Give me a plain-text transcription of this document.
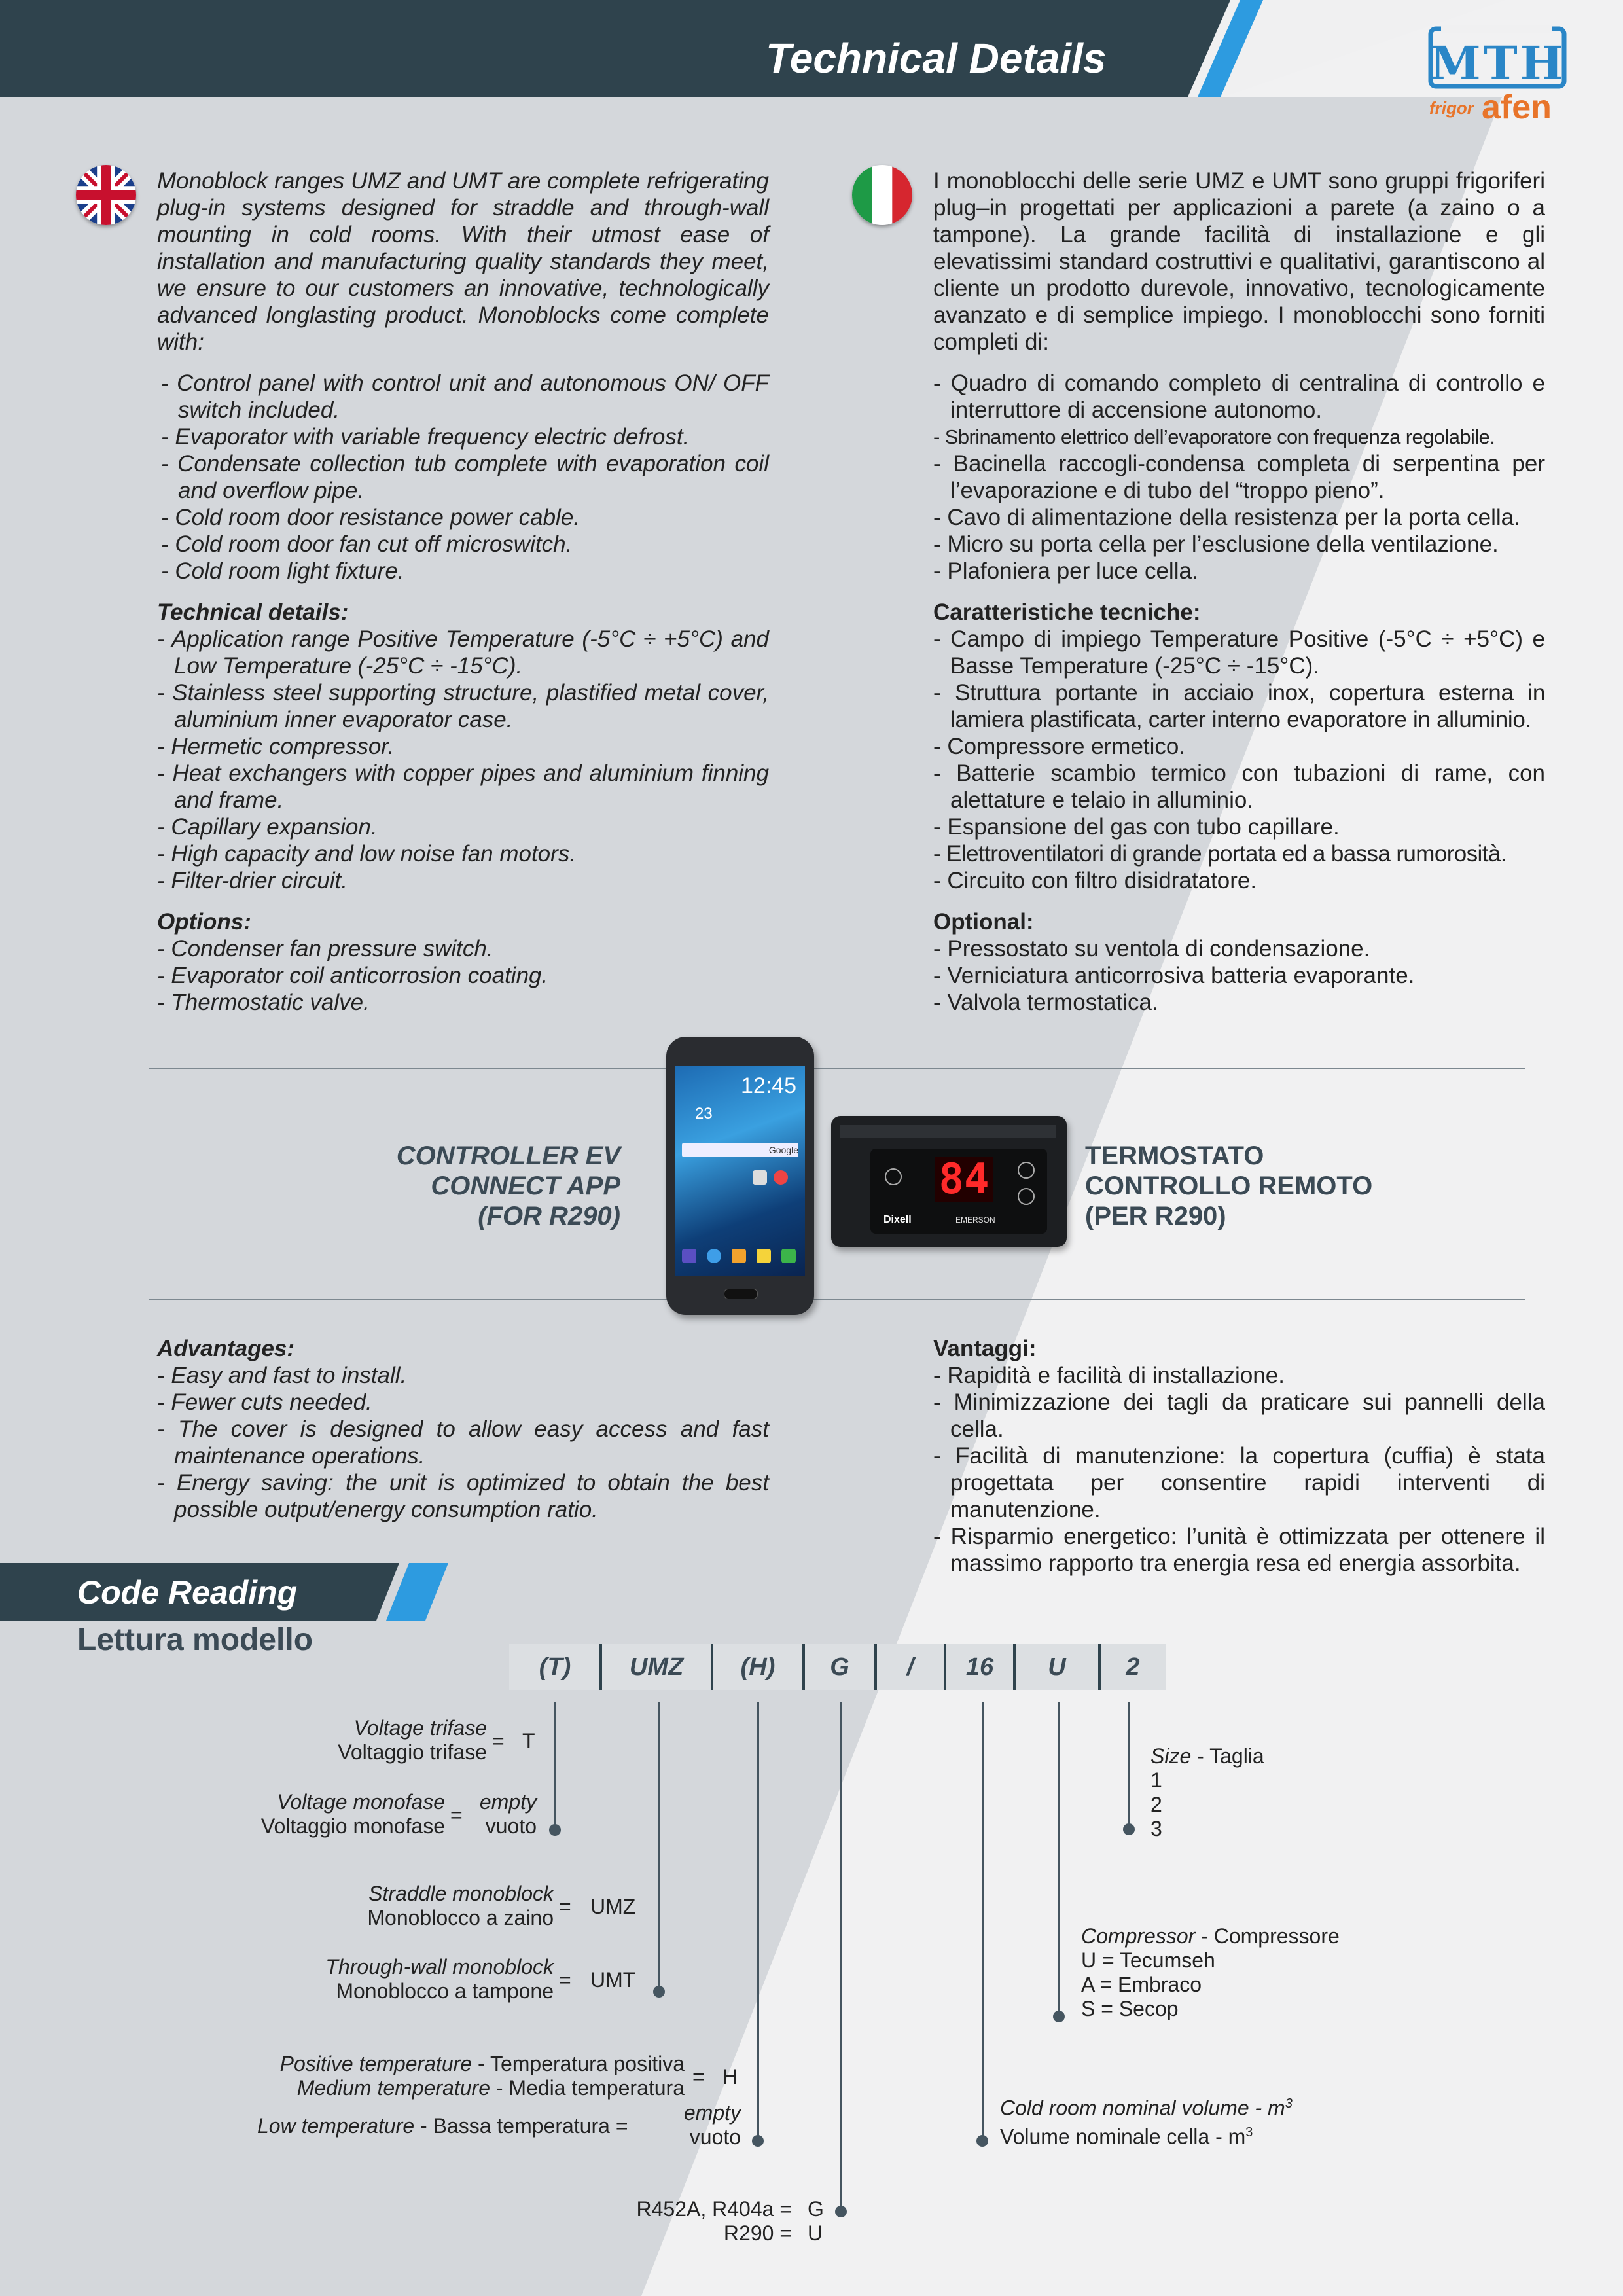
Technical Details	MTH
frigor afen
Monoblock ranges UMZ and UMT are complete refrigerating plug-in systems designed for straddle and through-wall mounting in cold rooms. With their utmost ease of installation and manufacturing quality standards they meet, we ensure to our customers an innovative, technologically advanced longlasting product. Monoblocks come complete with:
- Control panel with control unit and autonomous ON/ OFF switch included.
- Evaporator with variable frequency electric defrost.
- Condensate collection tub complete with evaporation coil and overflow pipe.
- Cold room door resistance power cable.
- Cold room door fan cut off microswitch.
- Cold room light fixture.
Technical details:
- Application range Positive Temperature (-5°C ÷ +5°C) and Low Temperature (-25°C ÷ -15°C).
- Stainless steel supporting structure, plastified metal cover, aluminium inner evaporator case.
- Hermetic compressor.
- Heat exchangers with copper pipes and aluminium finning and frame.
- Capillary expansion.
- High capacity and low noise fan motors.
- Filter-drier circuit.
Options:
- Condenser fan pressure switch.
- Evaporator coil anticorrosion coating.
- Thermostatic valve.
I monoblocchi delle serie UMZ e UMT sono gruppi frigoriferi plug–in progettati per applicazioni a parete (a zaino o a tampone). La grande facilità di installazione e gli elevatissimi standard costruttivi e qualitativi, garantiscono al cliente un prodotto durevole, innovativo, tecnologicamente avanzato e di semplice impiego. I monoblocchi sono forniti completi di:
- Quadro di comando completo di centralina di controllo e interruttore di accensione autonomo.
- Sbrinamento elettrico dell’evaporatore con frequenza regolabile.
- Bacinella raccogli-condensa completa di serpentina per l’evaporazione e di tubo del “troppo pieno”.
- Cavo di alimentazione della resistenza per la porta cella.
- Micro su porta cella per l’esclusione della ventilazione.
- Plafoniera per luce cella.
Caratteristiche tecniche:
- Campo di impiego Temperature Positive (-5°C ÷ +5°C) e Basse Temperature (-25°C ÷ -15°C).
- Struttura portante in acciaio inox, copertura esterna in lamiera plastificata, carter interno evaporatore in alluminio.
- Compressore ermetico.
- Batterie scambio termico con tubazioni di rame, con alettature e telaio in alluminio.
- Espansione del gas con tubo capillare.
- Elettroventilatori di grande portata ed a bassa rumorosità.
- Circuito con filtro disidratatore.
Optional:
- Pressostato su ventola di condensazione.
- Verniciatura anticorrosiva batteria evaporante.
- Valvola termostatica.
CONTROLLER EV
CONNECT APP
(FOR R290)
TERMOSTATO
CONTROLLO REMOTO
(PER R290)
12:45
23
Google
84
Dixell	EMERSON
Advantages:
- Easy and fast to install.
- Fewer cuts needed.
- The cover is designed to allow easy access and fast maintenance operations.
- Energy saving: the unit is optimized to obtain the best possible output/energy consumption ratio.
Vantaggi:
- Rapidità e facilità di installazione.
- Minimizzazione dei tagli da praticare sui pannelli della cella.
- Facilità di manutenzione: la copertura (cuffia) è stata progettata per consentire rapidi interventi di manutenzione.
- Risparmio energetico: l’unità è ottimizzata per ottenere il massimo rapporto tra energia resa ed energia assorbita.
Code Reading
Lettura modello
(T)	UMZ	(H)	G	/	16	U	2
Voltage trifase
Voltaggio trifase = T
Voltage monofase
Voltaggio monofase =
empty
vuoto
Straddle monoblock
Monoblocco a zaino = UMZ
Through-wall monoblock
Monoblocco a tampone = UMT
Positive temperature - Temperatura positiva
Medium temperature - Media temperatura = H
Low temperature - Bassa temperatura =
empty
vuoto
R452A, R404a = G
R290 = U
Size - Taglia
1
2
3
Compressor - Compressore
U = Tecumseh
A = Embraco
S = Secop
Cold room nominal volume - $m^3$
Volume nominale cella - $m^3$
